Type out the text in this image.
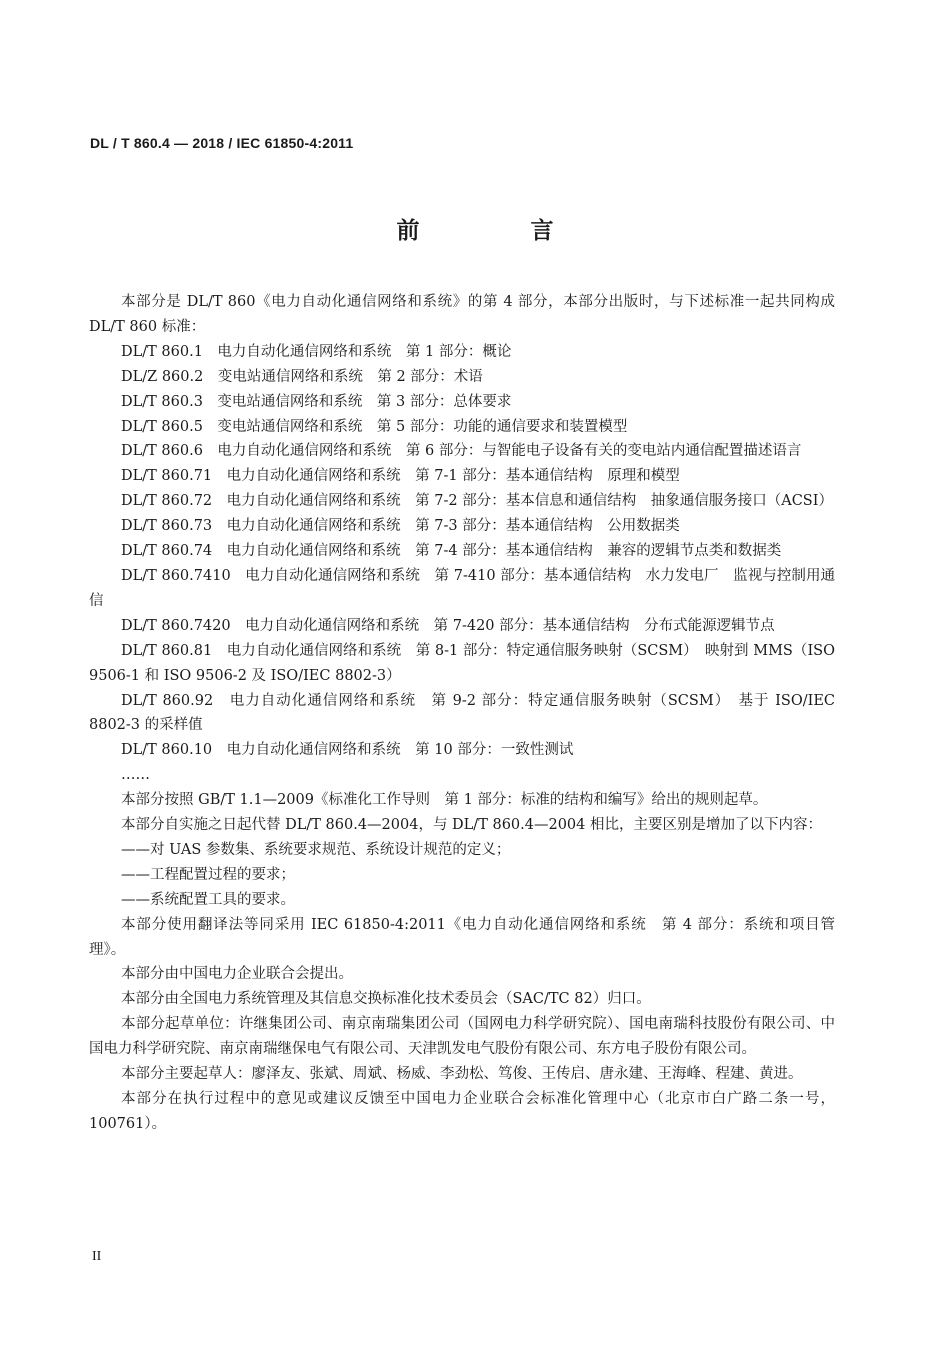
DL / T 860.4 — 2018 / IEC 61850-4:2011
前　言

本部分是 DL/T 860《电力自动化通信网络和系统》的第 4 部分，本部分出版时，与下述标准一起共同构成 DL/T 860 标准：

DL/T 860.1　电力自动化通信网络和系统　第 1 部分：概论

DL/Z 860.2　变电站通信网络和系统　第 2 部分：术语

DL/T 860.3　变电站通信网络和系统　第 3 部分：总体要求

DL/T 860.5　变电站通信网络和系统　第 5 部分：功能的通信要求和装置模型

DL/T 860.6　电力自动化通信网络和系统　第 6 部分：与智能电子设备有关的变电站内通信配置描述语言

DL/T 860.71　电力自动化通信网络和系统　第 7-1 部分：基本通信结构　原理和模型

DL/T 860.72　电力自动化通信网络和系统　第 7-2 部分：基本信息和通信结构　抽象通信服务接口（ACSI）

DL/T 860.73　电力自动化通信网络和系统　第 7-3 部分：基本通信结构　公用数据类

DL/T 860.74　电力自动化通信网络和系统　第 7-4 部分：基本通信结构　兼容的逻辑节点类和数据类

DL/T 860.7410　电力自动化通信网络和系统　第 7-410 部分：基本通信结构　水力发电厂　监视与控制用通信

DL/T 860.7420　电力自动化通信网络和系统　第 7-420 部分：基本通信结构　分布式能源逻辑节点

DL/T 860.81　电力自动化通信网络和系统　第 8-1 部分：特定通信服务映射（SCSM）　映射到 MMS（ISO 9506-1 和 ISO 9506-2 及 ISO/IEC 8802-3）

DL/T 860.92　电力自动化通信网络和系统　第 9-2 部分：特定通信服务映射（SCSM）　基于 ISO/IEC 8802-3 的采样值

DL/T 860.10　电力自动化通信网络和系统　第 10 部分：一致性测试

……

本部分按照 GB/T 1.1—2009《标准化工作导则　第 1 部分：标准的结构和编写》给出的规则起草。

本部分自实施之日起代替 DL/T 860.4—2004，与 DL/T 860.4—2004 相比，主要区别是增加了以下内容：

——对 UAS 参数集、系统要求规范、系统设计规范的定义；

——工程配置过程的要求；

——系统配置工具的要求。

本部分使用翻译法等同采用 IEC 61850-4:2011《电力自动化通信网络和系统　第 4 部分：系统和项目管理》。

本部分由中国电力企业联合会提出。

本部分由全国电力系统管理及其信息交换标准化技术委员会（SAC/TC 82）归口。

本部分起草单位：许继集团公司、南京南瑞集团公司（国网电力科学研究院）、国电南瑞科技股份有限公司、中国电力科学研究院、南京南瑞继保电气有限公司、天津凯发电气股份有限公司、东方电子股份有限公司。

本部分主要起草人：廖泽友、张斌、周斌、杨威、李劲松、笃俊、王传启、唐永建、王海峰、程建、黄进。

本部分在执行过程中的意见或建议反馈至中国电力企业联合会标准化管理中心（北京市白广路二条一号，100761）。

II
